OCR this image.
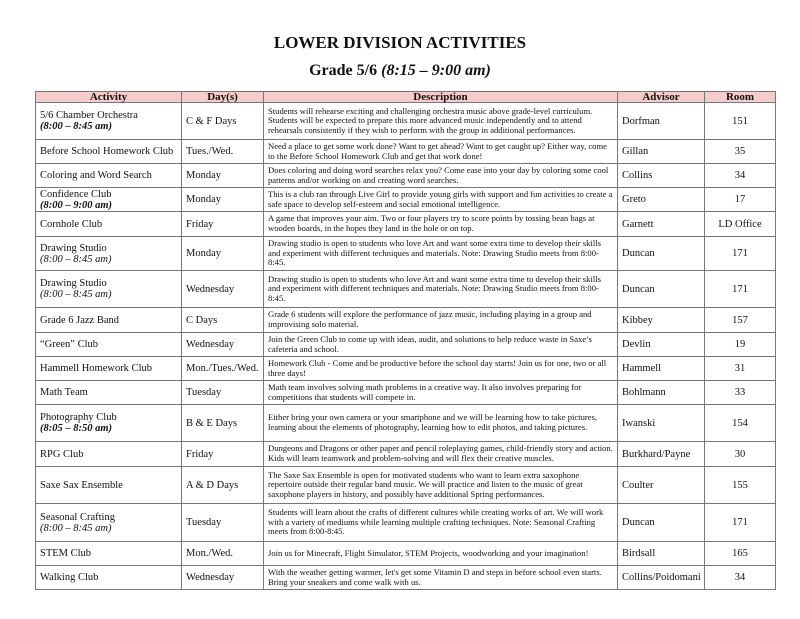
LOWER DIVISION ACTIVITIES
Grade 5/6 (8:15 – 9:00 am)
Activity	Day(s)	Description	Advisor	Room
5/6 Chamber Orchestra
(8:00 – 8:45 am)	C & F Days	Students will rehearse exciting and challenging orchestra music above grade-level curriculum. Students will be expected to prepare this more advanced music independently and to attend rehearsals consistently if they wish to perform with the group in additional performances.	Dorfman	151
Before School Homework Club	Tues./Wed.	Need a place to get some work done? Want to get ahead? Want to get caught up? Either way, come to the Before School Homework Club and get that work done!	Gillan	35
Coloring and Word Search	Monday	Does coloring and doing word searches relax you? Come ease into your day by coloring some cool patterns and/or working on and creating word searches.	Collins	34
Confidence Club
(8:00 – 9:00 am)	Monday	This is a club ran through Live Girl to provide young girls with support and fun activities to create a safe space to develop self-esteem and social emotional intelligence.	Greto	17
Cornhole Club	Friday	A game that improves your aim. Two or four players try to score points by tossing bean bags at wooden boards, in the hopes they land in the hole or on top.	Garnett	LD Office
Drawing Studio
(8:00 – 8:45 am)	Monday	Drawing studio is open to students who love Art and want some extra time to develop their skills and experiment with different techniques and materials. Note: Drawing Studio meets from 8:00-8:45.	Duncan	171
Drawing Studio
(8:00 – 8:45 am)	Wednesday	Drawing studio is open to students who love Art and want some extra time to develop their skills and experiment with different techniques and materials. Note: Drawing Studio meets from 8:00-8:45.	Duncan	171
Grade 6 Jazz Band	C Days	Grade 6 students will explore the performance of jazz music, including playing in a group and improvising solo material.	Kibbey	157
“Green” Club	Wednesday	Join the Green Club to come up with ideas, audit, and solutions to help reduce waste in Saxe’s cafeteria and school.	Devlin	19
Hammell Homework Club	Mon./Tues./Wed.	Homework Club - Come and be productive before the school day starts! Join us for one, two or all three days!	Hammell	31
Math Team	Tuesday	Math team involves solving math problems in a creative way. It also involves preparing for competitions that students will compete in.	Bohlmann	33
Photography Club
(8:05 – 8:50 am)	B & E Days	Either bring your own camera or your smartphone and we will be learning how to take pictures, learning about the elements of photography, learning how to edit photos, and taking pictures.	Iwanski	154
RPG Club	Friday	Dungeons and Dragons or other paper and pencil roleplaying games, child-friendly story and action. Kids will learn teamwork and problem-solving and will flex their creative muscles.	Burkhard/Payne	30
Saxe Sax Ensemble	A & D Days	The Saxe Sax Ensemble is open for motivated students who want to learn extra saxophone repertoire outside their regular band music. We will practice and listen to the music of great saxophone players in history, and possibly have additional Spring performances.	Coulter	155
Seasonal Crafting
(8:00 – 8:45 am)	Tuesday	Students will learn about the crafts of different cultures while creating works of art. We will work with a variety of mediums while learning multiple crafting techniques. Note: Seasonal Crafting meets from 8:00-8:45.	Duncan	171
STEM Club	Mon./Wed.	Join us for Minecraft, Flight Simulator, STEM Projects, woodworking and your imagination!	Birdsall	165
Walking Club	Wednesday	With the weather getting warmer, let's get some Vitamin D and steps in before school even starts. Bring your sneakers and come walk with us.	Collins/Poidomani	34
